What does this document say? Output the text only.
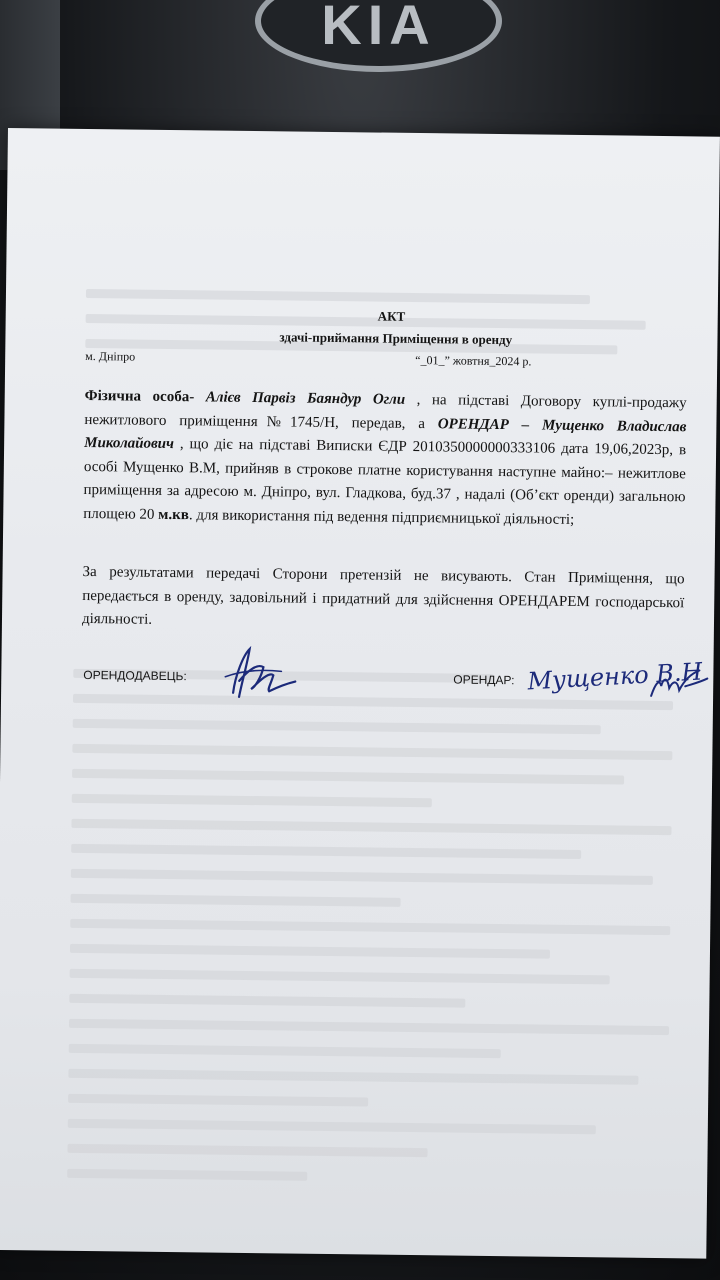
KIA
АКТ
здачі-приймання Приміщення в оренду
м. Дніпро	“_01_” жовтня_2024 р.
Фізична особа- Алієв Парвіз Баяндур Огли , на підставі Договору куплі-продажу нежитлового приміщення№1745/Н, передав, а ОРЕНДАР – Мущенко Владислав Миколайович , що діє на підставі Виписки ЄДР 2010350000000333106 дата 19,06,2023р, в особі Мущенко В.М, прийняв в строкове платне користування наступне майно:– нежитлове приміщення за адресою м. Дніпро, вул. Гладкова, буд.37 , надалі (Об’єкт оренди) загальною площею 20 м.кв. для використання під ведення підприємницької діяльності;
За результатами передачі Сторони претензій не висувають. Стан Приміщення, що передається в оренду, задовільний і придатний для здійснення ОРЕНДАРЕМ господарської діяльності.
ОРЕНДОДАВЕЦЬ:	ОРЕНДАР: Мущенко В.Н
